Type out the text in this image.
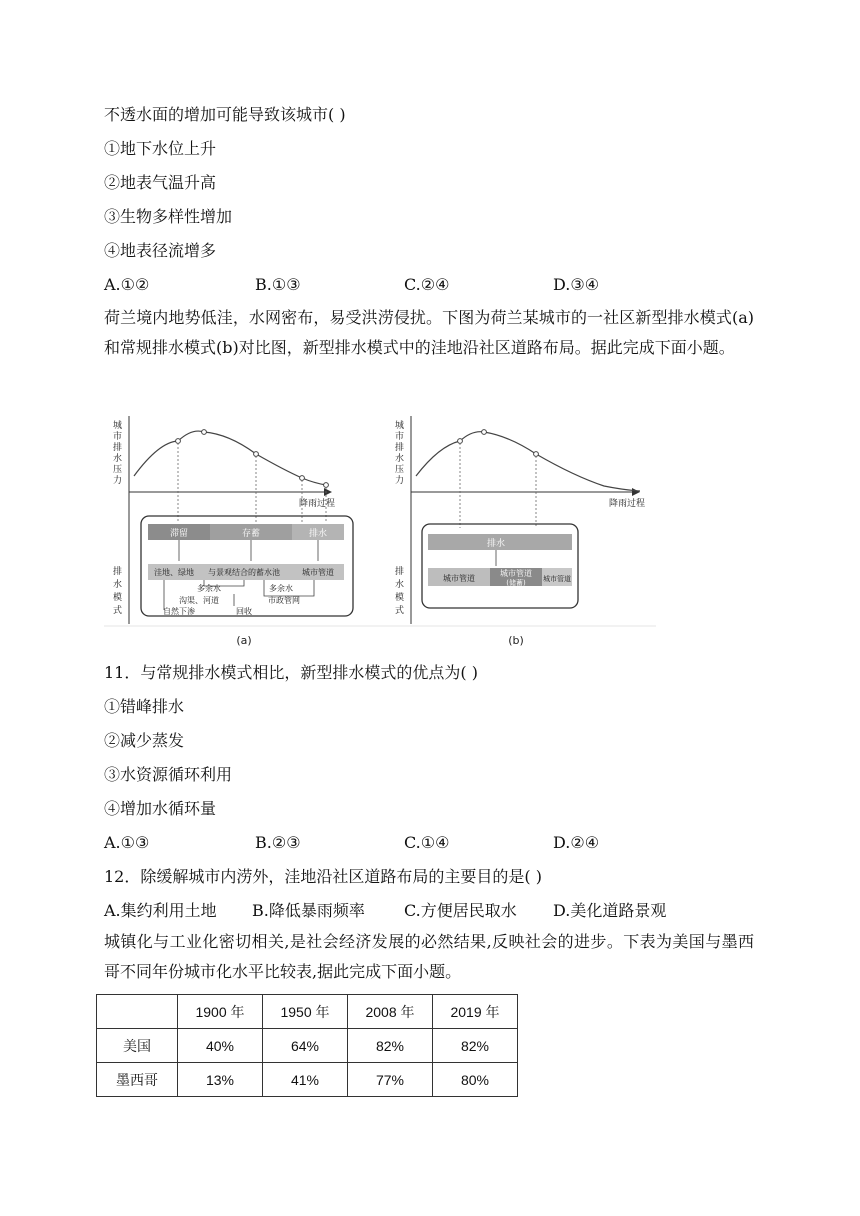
不透水面的增加可能导致该城市( )
①地下水位上升
②地表气温升高
③生物多样性增加
④地表径流增多
A.①②	B.①③	C.②④	D.③④
荷兰境内地势低洼，水网密布，易受洪涝侵扰。下图为荷兰某城市的一社区新型排水模式(a)和常规排水模式(b)对比图，新型排水模式中的洼地沿社区道路布局。据此完成下面小题。
城市排水压力
降雨过程
排水模式
滞留	存蓄	排水
洼地、绿地 与景观结合的蓄水池	城市管道
多余水	多余水
沟渠、河道	市政管网
自然下渗	回收
(a)
城市排水压力
降雨过程
排水模式
排水
城市管道
城市管道
(储蓄) 城市管道
(b)
11．与常规排水模式相比，新型排水模式的优点为( )
①错峰排水
②减少蒸发
③水资源循环利用
④增加水循环量
A.①③	B.②③	C.①④	D.②④
12．除缓解城市内涝外，洼地沿社区道路布局的主要目的是( )
A.集约利用土地 B.降低暴雨频率 C.方便居民取水 D.美化道路景观
城镇化与工业化密切相关,是社会经济发展的必然结果,反映社会的进步。下表为美国与墨西哥不同年份城市化水平比较表,据此完成下面小题。
	1900 年	1950 年	2008 年	2019 年
美国	40%	64%	82%	82%
墨西哥	13%	41%	77%	80%
